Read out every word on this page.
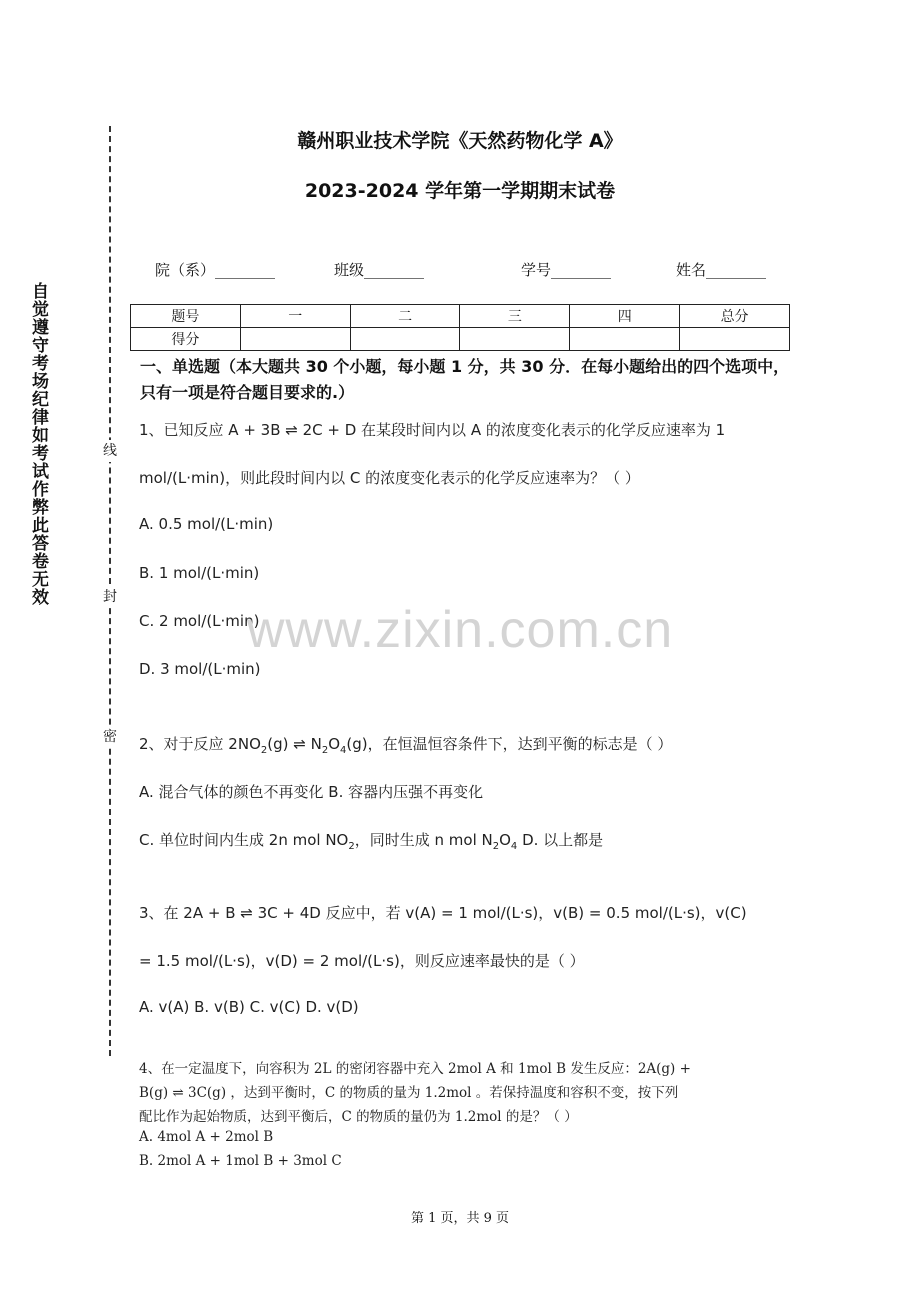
自觉遵守考场纪律如考试作弊此答卷无效	线
封
密
赣州职业技术学院《天然药物化学 A》
2023-2024 学年第一学期期末试卷
院（系）________	班级________	学号________	姓名________
题号	一	二	三	四	总分
得分					
一、单选题（本大题共 30 个小题，每小题 1 分，共 30 分．在每小题给出的四个选项中，只有一项是符合题目要求的.）
1、已知反应 A + 3B ⇌ 2C + D 在某段时间内以 A 的浓度变化表示的化学反应速率为 1
mol/(L·min)，则此段时间内以 C 的浓度变化表示的化学反应速率为？（ ）
A. 0.5 mol/(L·min)
B. 1 mol/(L·min)
C. 2 mol/(L·min)
D. 3 mol/(L·min)
2、对于反应 $2NO_2(g)$ ⇌ $N_2O_4(g)$，在恒温恒容条件下，达到平衡的标志是（ ）
A. 混合气体的颜色不再变化 B. 容器内压强不再变化
C. 单位时间内生成 2n mol $NO_2$，同时生成 n mol $N_2O_4$ D. 以上都是
3、在 2A + B ⇌ 3C + 4D 反应中，若 v(A) = 1 mol/(L·s)，v(B) = 0.5 mol/(L·s)，v(C)
= 1.5 mol/(L·s)，v(D) = 2 mol/(L·s)，则反应速率最快的是（ ）
A. v(A) B. v(B) C. v(C) D. v(D)
4、在一定温度下，向容积为 2L 的密闭容器中充入 2mol A 和 1mol B 发生反应：2A(g) +
B(g) ⇌ 3C(g) ，达到平衡时，C 的物质的量为 1.2mol 。若保持温度和容积不变，按下列
配比作为起始物质，达到平衡后，C 的物质的量仍为 1.2mol 的是？（ ）
A. 4mol A + 2mol B
B. 2mol A + 1mol B + 3mol C
www.zixin.com.cn
第 1 页，共 9 页
